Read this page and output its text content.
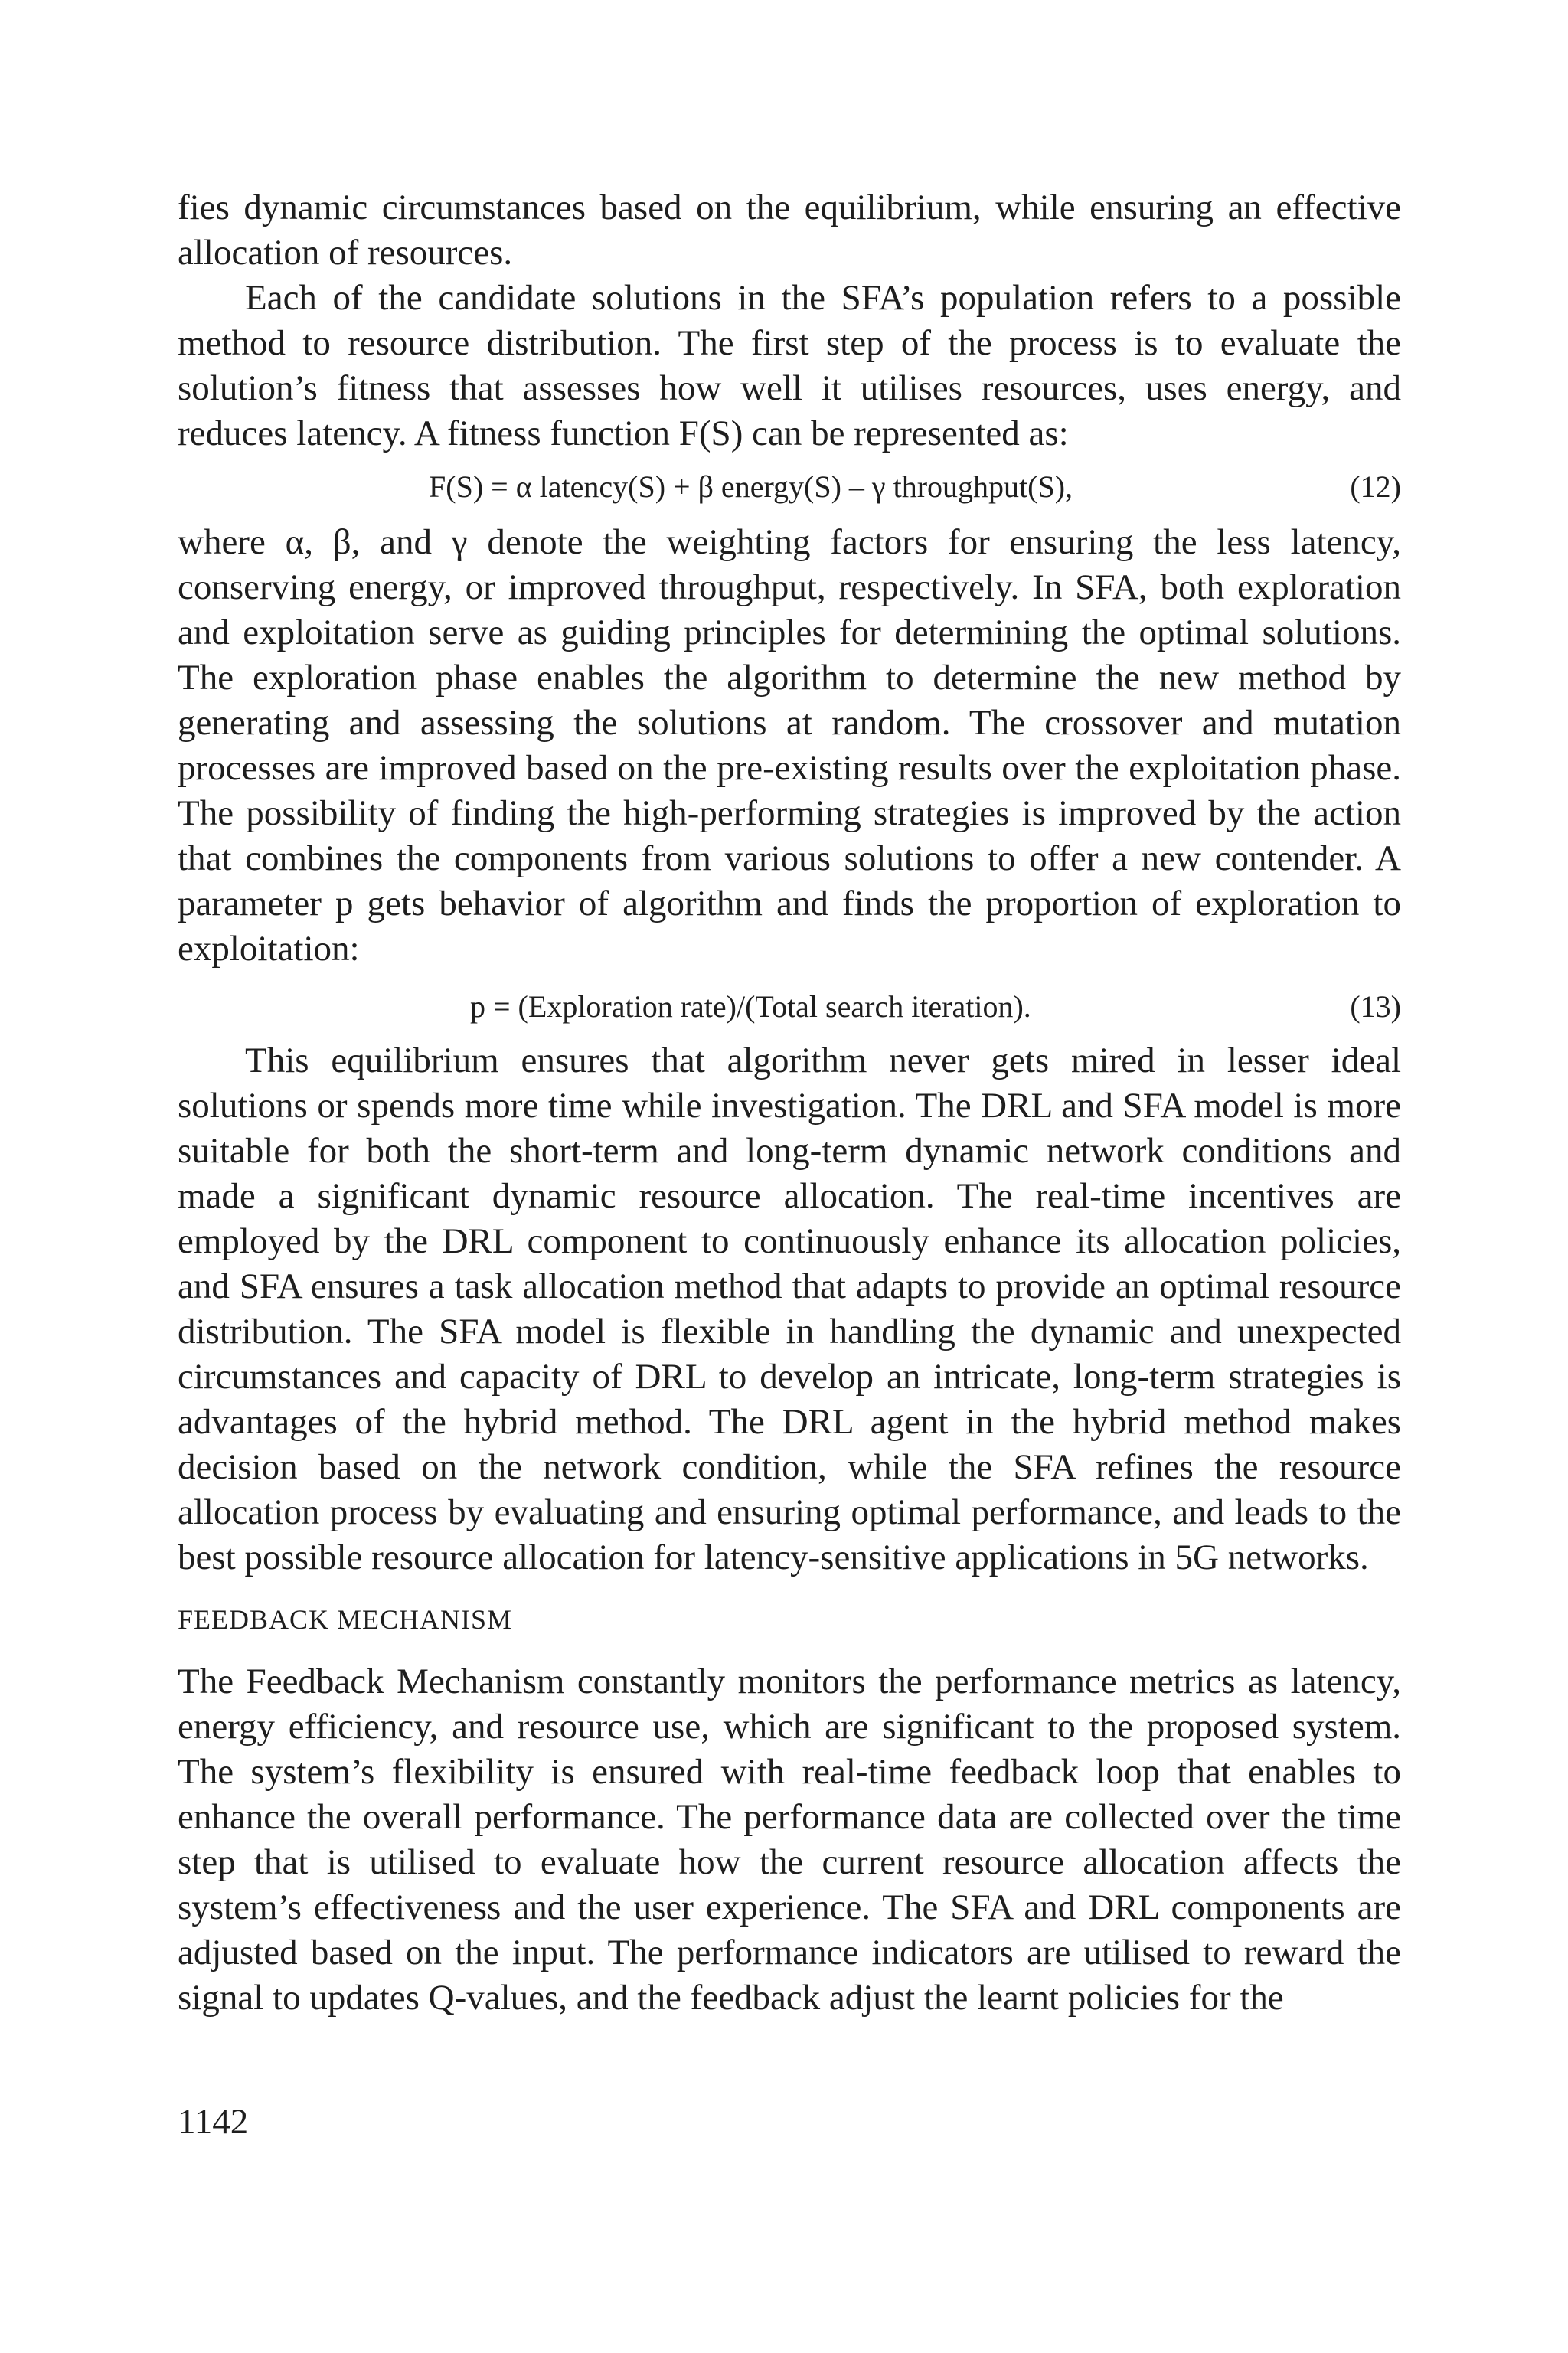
fies dynamic circumstances based on the equilibrium, while ensuring an effective allocation of resources.

Each of the candidate solutions in the SFA’s population refers to a possible method to resource distribution. The first step of the process is to evaluate the solution’s fitness that assesses how well it utilises resources, uses energy, and reduces latency. A fitness function F(S) can be represented as:

F(S) = α latency(S) + β energy(S) – γ throughput(S),	(12)

where α, β, and γ denote the weighting factors for ensuring the less latency, conserving energy, or improved throughput, respectively. In SFA, both exploration and exploitation serve as guiding principles for determining the optimal solutions. The exploration phase enables the algorithm to determine the new method by generating and assessing the solutions at random. The crossover and mutation processes are improved based on the pre-existing results over the exploitation phase. The possibility of finding the high-performing strategies is improved by the action that combines the components from various solutions to offer a new contender. A parameter p gets behavior of algorithm and finds the proportion of exploration to exploitation:

p = (Exploration rate)/(Total search iteration).	(13)

This equilibrium ensures that algorithm never gets mired in lesser ideal solutions or spends more time while investigation. The DRL and SFA model is more suitable for both the short-term and long-term dynamic network conditions and made a significant dynamic resource allocation. The real-time incentives are employed by the DRL component to continuously enhance its allocation policies, and SFA ensures a task allocation method that adapts to provide an optimal resource distribution. The SFA model is flexible in handling the dynamic and unexpected circumstances and capacity of DRL to develop an intricate, long-term strategies is advantages of the hybrid method. The DRL agent in the hybrid method makes decision based on the network condition, while the SFA refines the resource allocation process by evaluating and ensuring optimal performance, and leads to the best possible resource allocation for latency-sensitive applications in 5G networks.

FEEDBACK MECHANISM

The Feedback Mechanism constantly monitors the performance metrics as latency, energy efficiency, and resource use, which are significant to the proposed system. The system’s flexibility is ensured with real-time feedback loop that enables to enhance the overall performance. The performance data are collected over the time step that is utilised to evaluate how the current resource allocation affects the system’s effectiveness and the user experience. The SFA and DRL components are adjusted based on the input. The performance indicators are utilised to reward the signal to updates Q-values, and the feedback adjust the learnt policies for the

1142
